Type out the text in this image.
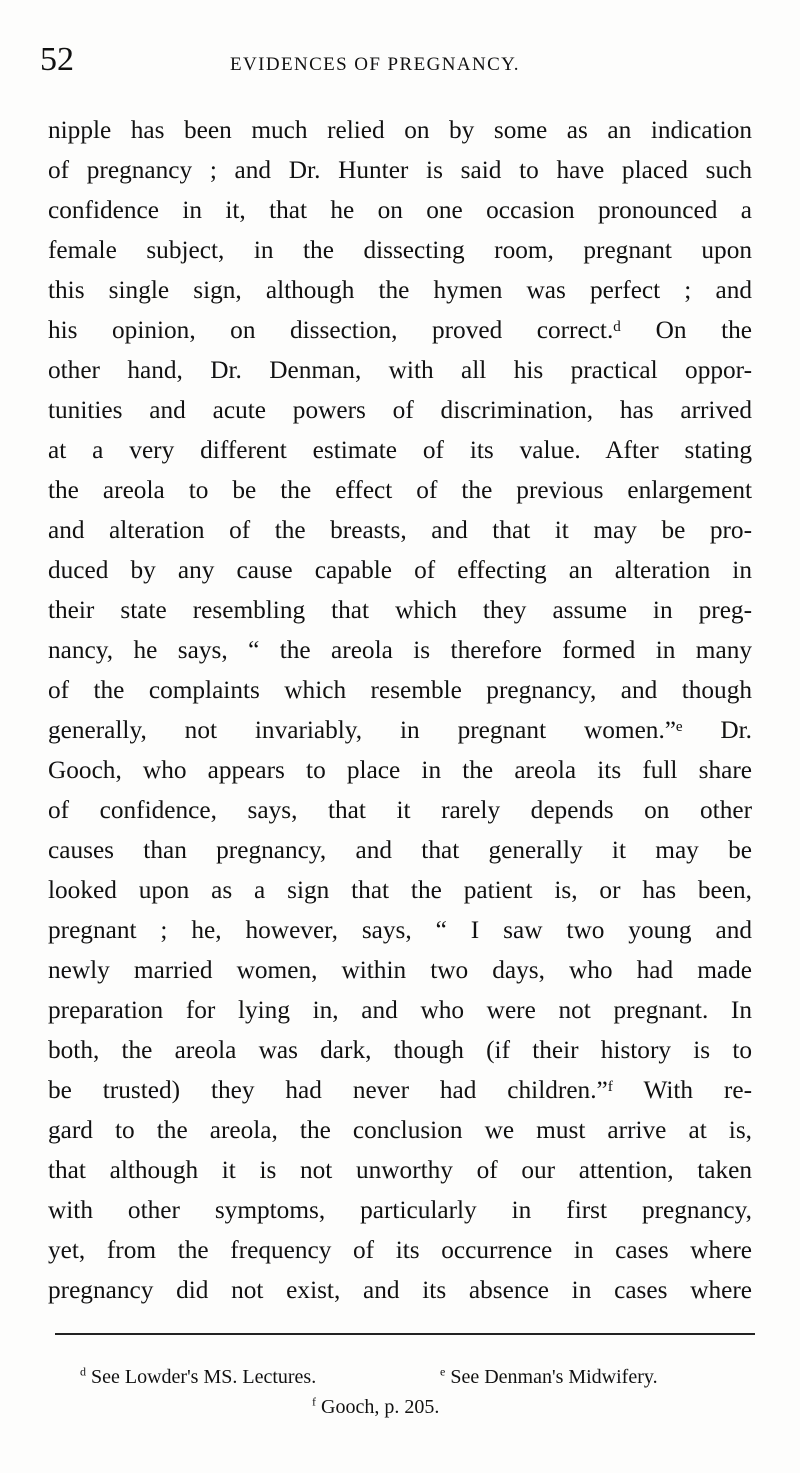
52	EVIDENCES OF PREGNANCY.
nipple has been much relied on by some as an indication
of pregnancy ; and Dr. Hunter is said to have placed such
confidence in it, that he on one occasion pronounced a
female subject, in the dissecting room, pregnant upon
this single sign, although the hymen was perfect ; and
his opinion, on dissection, proved correct.ᵈ On the
other hand, Dr. Denman, with all his practical oppor-
tunities and acute powers of discrimination, has arrived
at a very different estimate of its value. After stating
the areola to be the effect of the previous enlargement
and alteration of the breasts, and that it may be pro-
duced by any cause capable of effecting an alteration in
their state resembling that which they assume in preg-
nancy, he says, “ the areola is therefore formed in many
of the complaints which resemble pregnancy, and though
generally, not invariably, in pregnant women.”ᵉ Dr.
Gooch, who appears to place in the areola its full share
of confidence, says, that it rarely depends on other
causes than pregnancy, and that generally it may be
looked upon as a sign that the patient is, or has been,
pregnant ; he, however, says, “ I saw two young and
newly married women, within two days, who had made
preparation for lying in, and who were not pregnant. In
both, the areola was dark, though (if their history is to
be trusted) they had never had children.”ᶠ With re-
gard to the areola, the conclusion we must arrive at is,
that although it is not unworthy of our attention, taken
with other symptoms, particularly in first pregnancy,
yet, from the frequency of its occurrence in cases where
pregnancy did not exist, and its absence in cases where
$^d$ See Lowder's MS. Lectures.	$^e$ See Denman's Midwifery.
$^f$ Gooch, p. 205.
